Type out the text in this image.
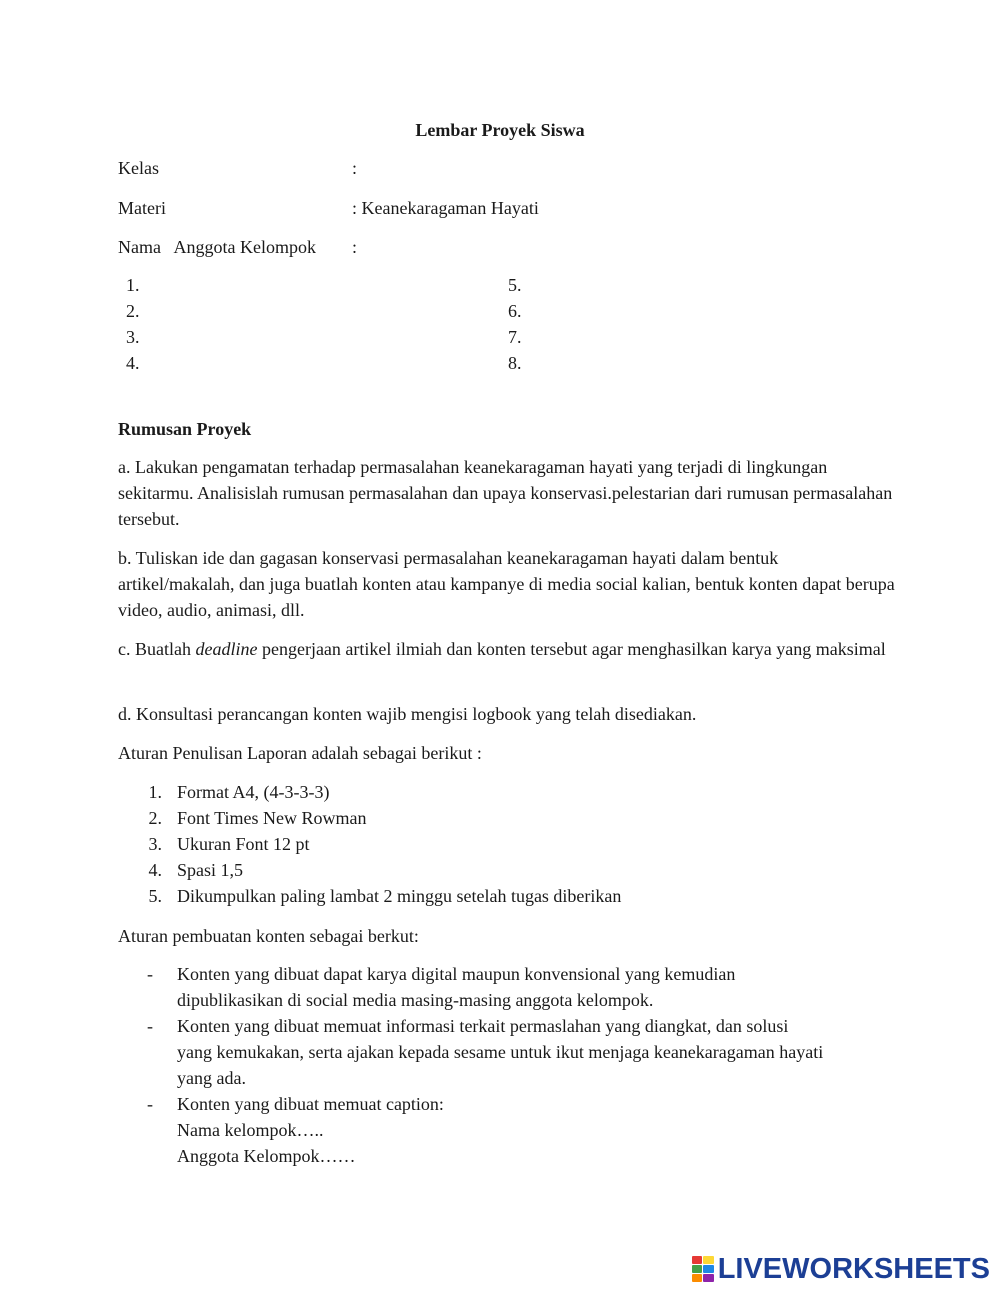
Lembar Proyek Siswa
Kelas	:
Materi	: Keanekaragaman Hayati
Nama   Anggota Kelompok :
1.
2.
3.
4.
5.
6.
7.
8.
Rumusan Proyek
a. Lakukan pengamatan terhadap permasalahan keanekaragaman hayati yang terjadi di lingkungan sekitarmu. Analisislah rumusan permasalahan dan upaya konservasi.pelestarian dari rumusan permasalahan tersebut.
b. Tuliskan ide dan gagasan konservasi permasalahan keanekaragaman hayati dalam bentuk artikel/makalah, dan juga buatlah konten atau kampanye di media social kalian, bentuk konten dapat berupa video, audio, animasi, dll.
c. Buatlah deadline pengerjaan artikel ilmiah dan konten tersebut agar menghasilkan karya yang maksimal
d. Konsultasi perancangan konten wajib mengisi logbook yang telah disediakan.
Aturan Penulisan Laporan adalah sebagai berikut :
1. Format A4, (4-3-3-3)
2. Font Times New Rowman
3. Ukuran Font 12 pt
4. Spasi 1,5
5. Dikumpulkan paling lambat 2 minggu setelah tugas diberikan
Aturan pembuatan konten sebagai berkut:
- Konten yang dibuat dapat karya digital maupun konvensional yang kemudian
dipublikasikan di social media masing-masing anggota kelompok.
- Konten yang dibuat memuat informasi terkait permaslahan yang diangkat, dan solusi
yang kemukakan, serta ajakan kepada sesame untuk ikut menjaga keanekaragaman hayati
yang ada.
- Konten yang dibuat memuat caption:
Nama kelompok…..
Anggota Kelompok……
LIVEWORKSHEETS
